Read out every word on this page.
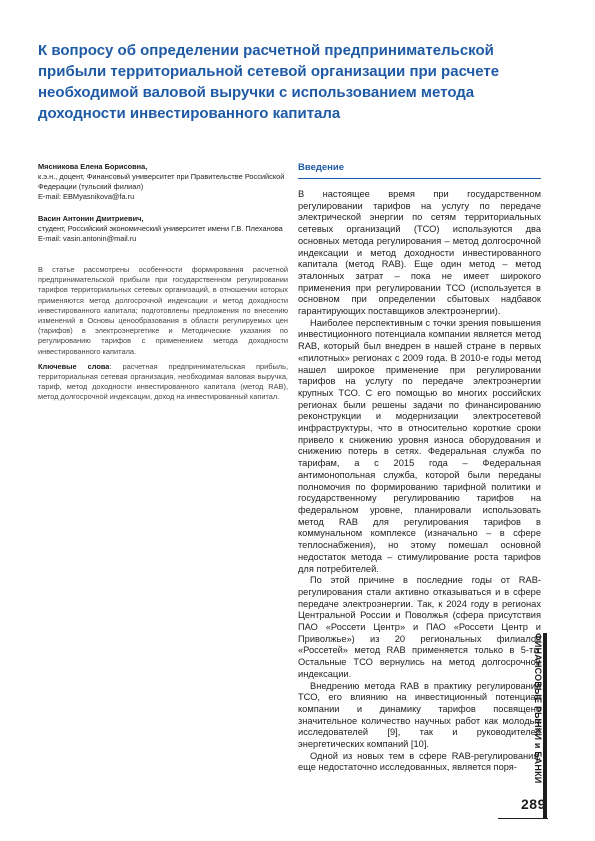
К вопросу об определении расчетной предпринимательской прибыли территориальной сетевой организации при расчете необходимой валовой выручки с использованием метода доходности инвестированного капитала
Мясникова Елена Борисовна,
к.э.н., доцент, Финансовый университет при Правительстве Российской Федерации (тульский филиал)
E-mail: EBMyasnikova@fa.ru
Васин Антонин Дмитриевич,
студент, Российский экономический университет имени Г.В. Плеханова
E-mail: vasin.antonin@mail.ru

В статье рассмотрены особенности формирования расчетной предпринимательской прибыли при государственном регулировании тарифов территориальных сетевых организаций, в отношении которых применяются метод долгосрочной индексации и метод доходности инвестированного капитала; подготовлены предложения по внесению изменений в Основы ценообразования в области регулируемых цен (тарифов) в электроэнергетике и Методические указания по регулированию тарифов с применением метода доходности инвестированного капитала.

Ключевые слова: расчетная предпринимательская прибыль, территориальная сетевая организация, необходимая валовая выручка, тариф, метод доходности инвестированного капитала (метод RAB), метод долгосрочной индексации, доход на инвестированный капитал.

Введение

В настоящее время при государственном регулировании тарифов на услугу по передаче электрической энергии по сетям территориальных сетевых организаций (ТСО) используются два основных метода регулирования – метод долгосрочной индексации и метод доходности инвестированного капитала (метод RAB). Еще один метод – метод эталонных затрат – пока не имеет широкого применения при регулировании ТСО (используется в основном при определении сбытовых надбавок гарантирующих поставщиков электроэнергии).

Наиболее перспективным с точки зрения повышения инвестиционного потенциала компании является метод RAB, который был внедрен в нашей стране в первых «пилотных» регионах с 2009 года. В 2010-е годы метод нашел широкое применение при регулировании тарифов на услугу по передаче электроэнергии крупных ТСО. С его помощью во многих российских регионах были решены задачи по финансированию реконструкции и модернизации электросетевой инфраструктуры, что в относительно короткие сроки привело к снижению уровня износа оборудования и снижению потерь в сетях. Федеральная служба по тарифам, а с 2015 года – Федеральная антимонопольная служба, которой были переданы полномочия по формированию тарифной политики и государственному регулированию тарифов на федеральном уровне, планировали использовать метод RAB для регулирования тарифов в коммунальном комплексе (изначально – в сфере теплоснабжения), но этому помешал основной недостаток метода – стимулирование роста тарифов для потребителей.

По этой причине в последние годы от RAB-регулирования стали активно отказываться и в сфере передаче электроэнергии. Так, к 2024 году в регионах Центральной России и Поволжья (сфера присутствия ПАО «Россети Центр» и ПАО «Россети Центр и Приволжье») из 20 региональных филиалов «Россетей» метод RAB применяется только в 5-ти. Остальные ТСО вернулись на метод долгосрочной индексации.

Внедрению метода RAB в практику регулирования ТСО, его влиянию на инвестиционный потенциал компании и динамику тарифов посвящено значительное количество научных работ как молодых исследователей [9], так и руководителей энергетических компаний [10].

Одной из новых тем в сфере RAB-регулирования, еще недостаточно исследованных, является поря-	ФИНАНСОВЫЕ РЫНКИ и БАНКИ

289
